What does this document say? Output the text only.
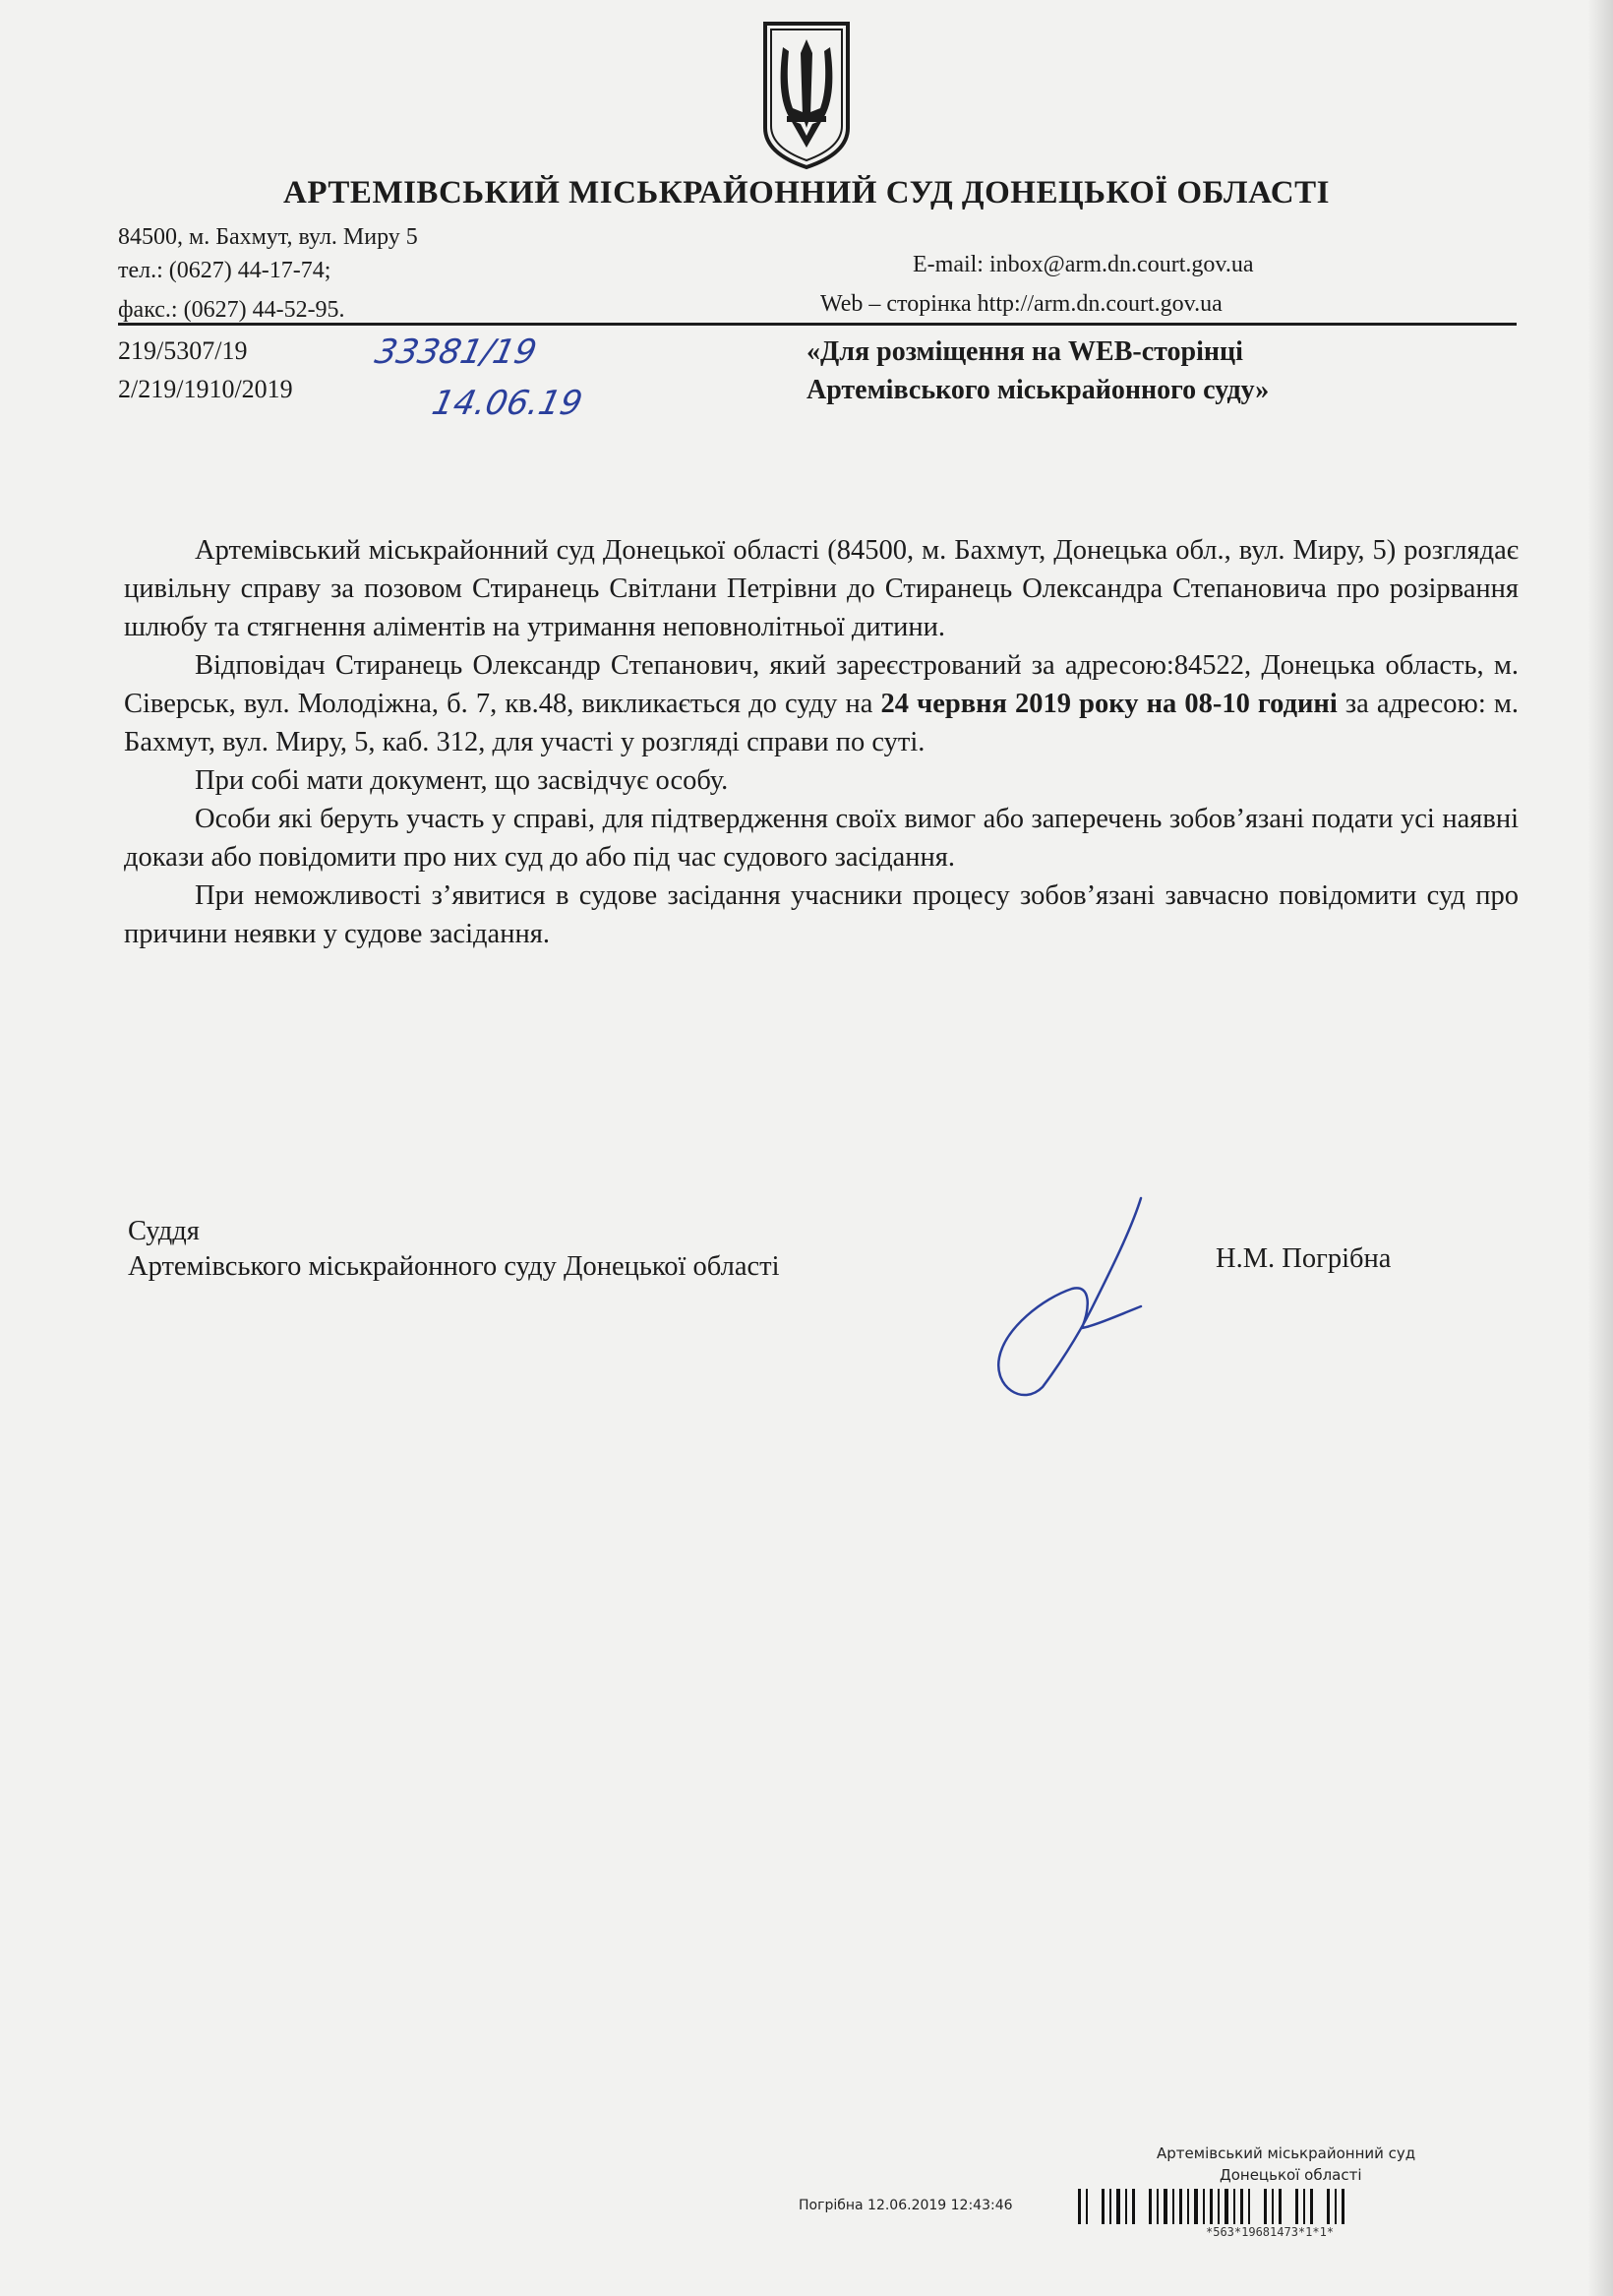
АРТЕМІВСЬКИЙ МІСЬКРАЙОННИЙ СУД ДОНЕЦЬКОЇ ОБЛАСТІ
84500, м. Бахмут, вул. Миру 5
тел.: (0627) 44-17-74;
факс.: (0627) 44-52-95.
E-mail: inbox@arm.dn.court.gov.ua
Web – сторінка http://arm.dn.court.gov.ua
219/5307/19
2/219/1910/2019
33381/19
14.06.19
«Для розміщення на WEB-сторінці
Артемівського міськрайонного суду»

Артемівський міськрайонний суд Донецької області (84500, м. Бахмут, Донецька обл., вул. Миру, 5) розглядає цивільну справу за позовом Стиранець Світлани Петрівни до Стиранець Олександра Степановича про розірвання шлюбу та стягнення аліментів на утримання неповнолітньої дитини.

Відповідач Стиранець Олександр Степанович, який зареєстрований за адресою:84522, Донецька область, м. Сіверськ, вул. Молодіжна, б. 7, кв.48, викликається до суду на 24 червня 2019 року на 08-10 годині за адресою: м. Бахмут, вул. Миру, 5, каб. 312, для участі у розгляді справи по суті.

При собі мати документ, що засвідчує особу.

Особи які беруть участь у справі, для підтвердження своїх вимог або заперечень зобов’язані подати усі наявні докази або повідомити про них суд до або під час судового засідання.

При неможливості з’явитися в судове засідання учасники процесу зобов’язані завчасно повідомити суд про причини неявки у судове засідання.

Суддя
Артемівського міськрайонного суду Донецької області	Н.М. Погрібна
Артемівський міськрайонний суд
Донецької області
Погрібна 12.06.2019 12:43:46
*563*19681473*1*1*
